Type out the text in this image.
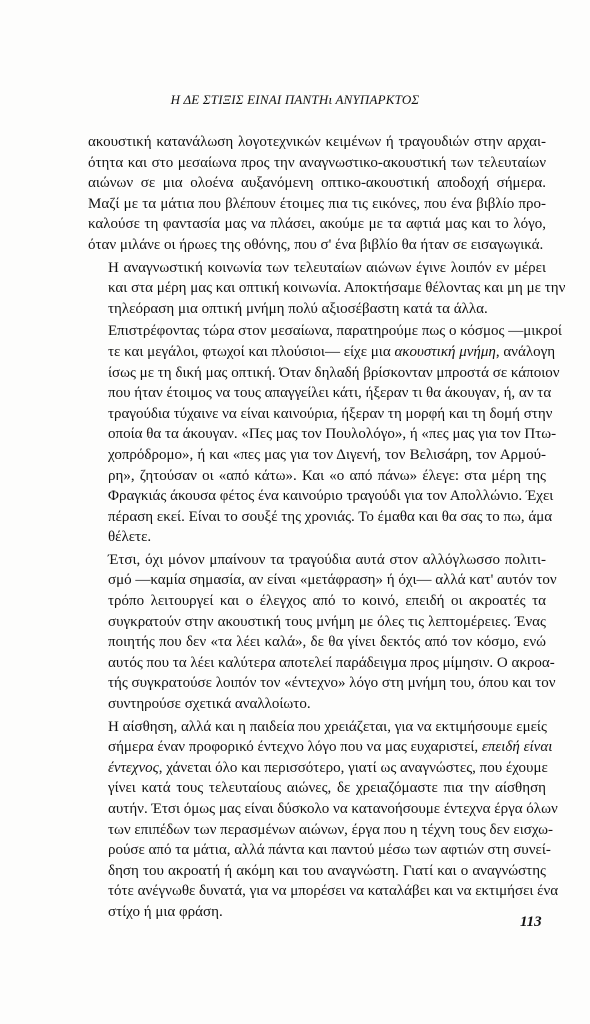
Η ΔΕ ΣΤΙΞΙΣ ΕΙΝΑΙ ΠΑΝΤΗι ΑΝΥΠΑΡΚΤΟΣ
ακουστική κατανάλωση λογοτεχνικών κειμένων ή τραγουδιών στην αρχαι-
ότητα και στο μεσαίωνα προς την αναγνωστικο-ακουστική των τελευταίων
αιώνων σε μια ολοένα αυξανόμενη οπτικο-ακουστική αποδοχή σήμερα.
Μαζί με τα μάτια που βλέπουν έτοιμες πια τις εικόνες, που ένα βιβλίο προ-
καλούσε τη φαντασία μας να πλάσει, ακούμε με τα αφτιά μας και το λόγο,
όταν μιλάνε οι ήρωες της οθόνης, που σ' ένα βιβλίο θα ήταν σε εισαγωγικά.
Η αναγνωστική κοινωνία των τελευταίων αιώνων έγινε λοιπόν εν μέρει
και στα μέρη μας και οπτική κοινωνία. Αποκτήσαμε θέλοντας και μη με την
τηλεόραση μια οπτική μνήμη πολύ αξιοσέβαστη κατά τα άλλα.
Επιστρέφοντας τώρα στον μεσαίωνα, παρατηρούμε πως ο κόσμος —μικροί
τε και μεγάλοι, φτωχοί και πλούσιοι— είχε μια ακουστική μνήμη, ανάλογη
ίσως με τη δική μας οπτική. Όταν δηλαδή βρίσκονταν μπροστά σε κάποιον
που ήταν έτοιμος να τους απαγγείλει κάτι, ήξεραν τι θα άκουγαν, ή, αν τα
τραγούδια τύχαινε να είναι καινούρια, ήξεραν τη μορφή και τη δομή στην
οποία θα τα άκουγαν. «Πες μας τον Πουλολόγο», ή «πες μας για τον Πτω-
χοπρόδρομο», ή και «πες μας για τον Διγενή, τον Βελισάρη, τον Αρμού-
ρη», ζητούσαν οι «από κάτω». Και «ο από πάνω» έλεγε: στα μέρη της
Φραγκιάς άκουσα φέτος ένα καινούριο τραγούδι για τον Απολλώνιο. Έχει
πέραση εκεί. Είναι το σουξέ της χρονιάς. Το έμαθα και θα σας το πω, άμα
θέλετε.
Έτσι, όχι μόνον μπαίνουν τα τραγούδια αυτά στον αλλόγλωσσο πολιτι-
σμό —καμία σημασία, αν είναι «μετάφραση» ή όχι— αλλά κατ' αυτόν τον
τρόπο λειτουργεί και ο έλεγχος από το κοινό, επειδή οι ακροατές τα
συγκρατούν στην ακουστική τους μνήμη με όλες τις λεπτομέρειες. Ένας
ποιητής που δεν «τα λέει καλά», δε θα γίνει δεκτός από τον κόσμο, ενώ
αυτός που τα λέει καλύτερα αποτελεί παράδειγμα προς μίμησιν. Ο ακροα-
τής συγκρατούσε λοιπόν τον «έντεχνο» λόγο στη μνήμη του, όπου και τον
συντηρούσε σχετικά αναλλοίωτο.
Η αίσθηση, αλλά και η παιδεία που χρειάζεται, για να εκτιμήσουμε εμείς
σήμερα έναν προφορικό έντεχνο λόγο που να μας ευχαριστεί, επειδή είναι
έντεχνος, χάνεται όλο και περισσότερο, γιατί ως αναγνώστες, που έχουμε
γίνει κατά τους τελευταίους αιώνες, δε χρειαζόμαστε πια την αίσθηση
αυτήν. Έτσι όμως μας είναι δύσκολο να κατανοήσουμε έντεχνα έργα όλων
των επιπέδων των περασμένων αιώνων, έργα που η τέχνη τους δεν εισχω-
ρούσε από τα μάτια, αλλά πάντα και παντού μέσω των αφτιών στη συνεί-
δηση του ακροατή ή ακόμη και του αναγνώστη. Γιατί και ο αναγνώστης
τότε ανέγνωθε δυνατά, για να μπορέσει να καταλάβει και να εκτιμήσει ένα
στίχο ή μια φράση.
113
